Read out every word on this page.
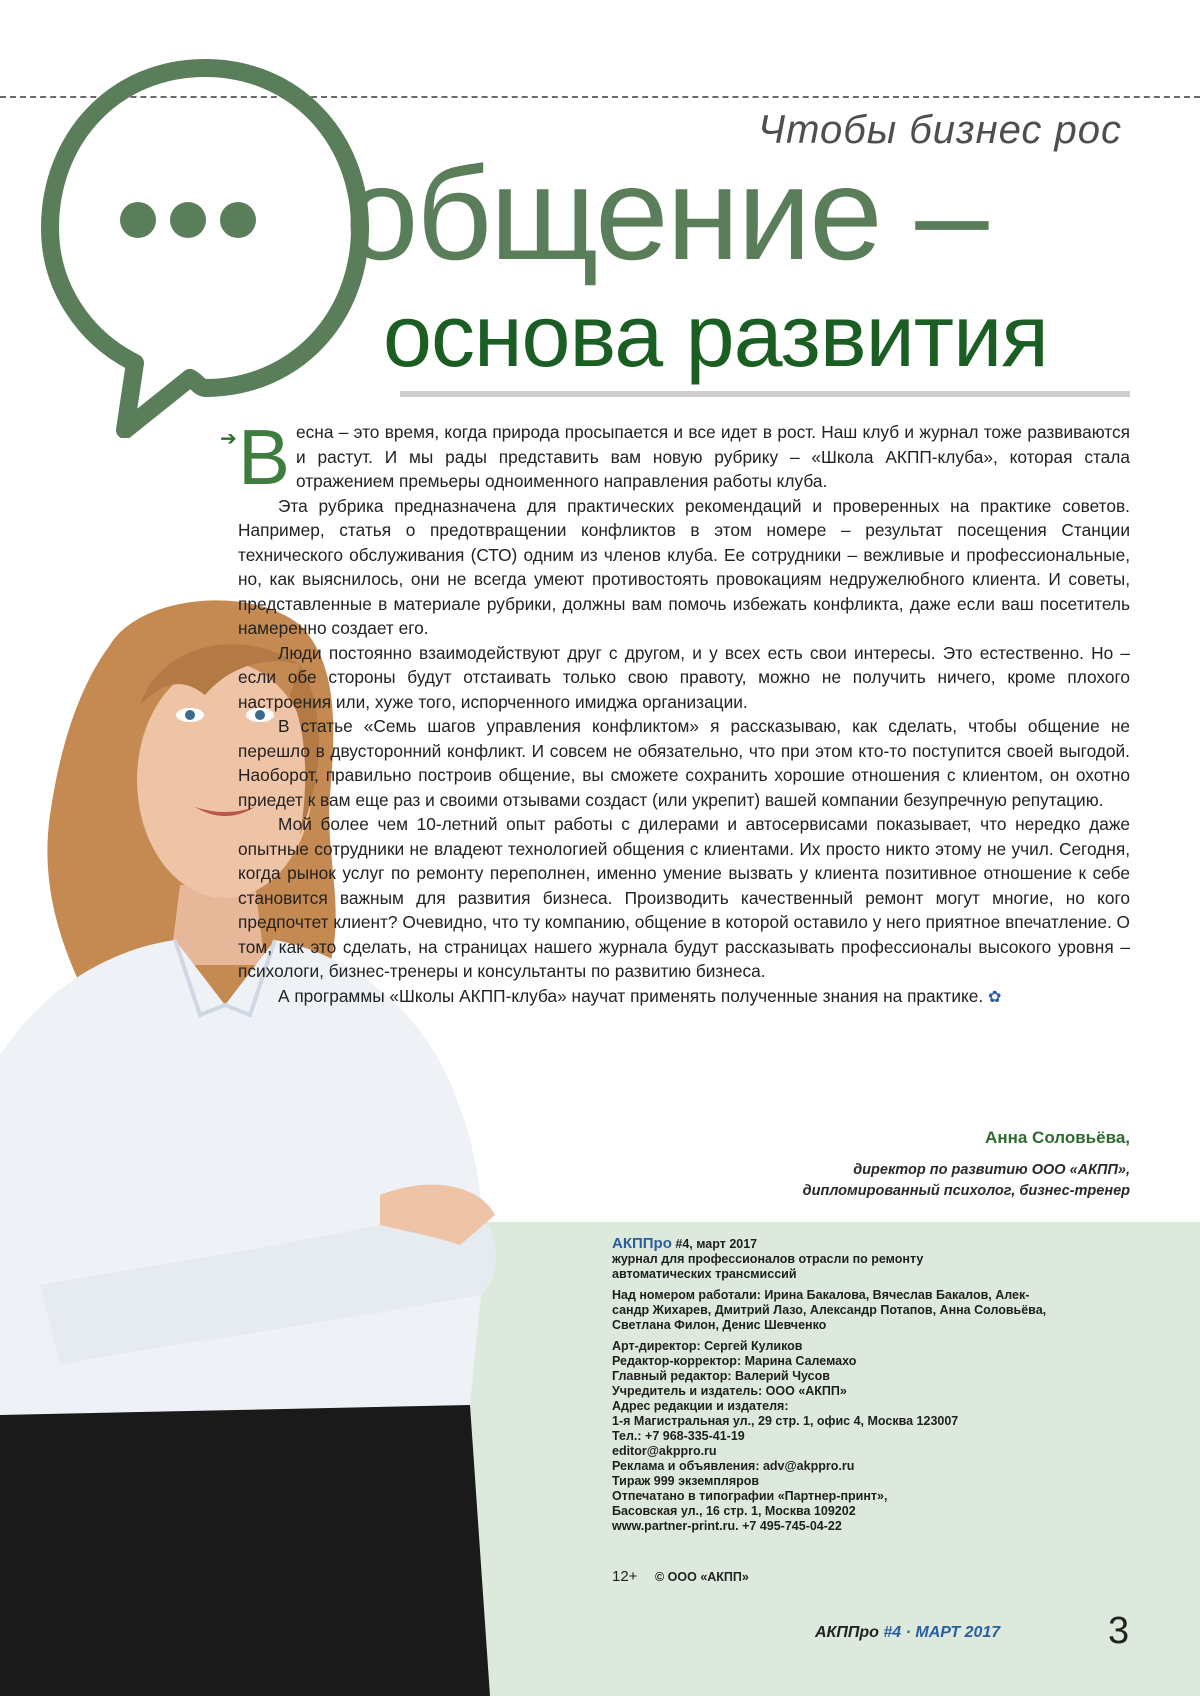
Чтобы бизнес рос
общение –
основа развития
➔ Весна – это время, когда природа просыпается и все идет в рост. Наш клуб и журнал тоже развиваются и растут. И мы рады представить вам новую рубрику – «Школа АКПП-клуба», которая стала отражением премьеры одноименного направления работы клуба.

Эта рубрика предназначена для практических рекомендаций и проверенных на практике советов. Например, статья о предотвращении конфликтов в этом номере – результат посещения Станции технического обслуживания (СТО) одним из членов клуба. Ее сотрудники – вежливые и профессиональные, но, как выяснилось, они не всегда умеют противостоять провокациям недружелюбного клиента. И советы, представленные в материале рубрики, должны вам помочь избежать конфликта, даже если ваш посетитель намеренно создает его.

Люди постоянно взаимодействуют друг с другом, и у всех есть свои интересы. Это естественно. Но – если обе стороны будут отстаивать только свою правоту, можно не получить ничего, кроме плохого настроения или, хуже того, испорченного имиджа организации.

В статье «Семь шагов управления конфликтом» я рассказываю, как сделать, чтобы общение не перешло в двусторонний конфликт. И совсем не обязательно, что при этом кто-то поступится своей выгодой. Наоборот, правильно построив общение, вы сможете сохранить хорошие отношения с клиентом, он охотно приедет к вам еще раз и своими отзывами создаст (или укрепит) вашей компании безупречную репутацию.

Мой более чем 10-летний опыт работы с дилерами и автосервисами показывает, что нередко даже опытные сотрудники не владеют технологией общения с клиентами. Их просто никто этому не учил. Сегодня, когда рынок услуг по ремонту переполнен, именно умение вызвать у клиента позитивное отношение к себе становится важным для развития бизнеса. Производить качественный ремонт могут многие, но кого предпочтет клиент? Очевидно, что ту компанию, общение в которой оставило у него приятное впечатление. О том, как это сделать, на страницах нашего журнала будут рассказывать профессионалы высокого уровня – психологи, бизнес-тренеры и консультанты по развитию бизнеса.

А программы «Школы АКПП-клуба» научат применять полученные знания на практике. ✿

Анна Соловьёва,
директор по развитию ООО «АКПП»,
дипломированный психолог, бизнес-тренер
АКППро #4, март 2017
журнал для профессионалов отрасли по ремонту
автоматических трансмиссий
Над номером работали: Ирина Бакалова, Вячеслав Бакалов, Алек-
сандр Жихарев, Дмитрий Лазо, Александр Потапов, Анна Соловьёва,
Светлана Филон, Денис Шевченко
Арт-директор: Сергей Куликов
Редактор-корректор: Марина Салемахо
Главный редактор: Валерий Чусов
Учредитель и издатель: ООО «АКПП»
Адрес редакции и издателя:
1-я Магистральная ул., 29 стр. 1, офис 4, Москва 123007
Тел.: +7 968-335-41-19
editor@akppro.ru
Реклама и объявления: adv@akppro.ru
Тираж 999 экземпляров
Отпечатано в типографии «Партнер-принт»,
Басовская ул., 16 стр. 1, Москва 109202
www.partner-print.ru. +7 495-745-04-22
12+ © ООО «АКПП»
АКППро #4 · МАРТ 2017	3
